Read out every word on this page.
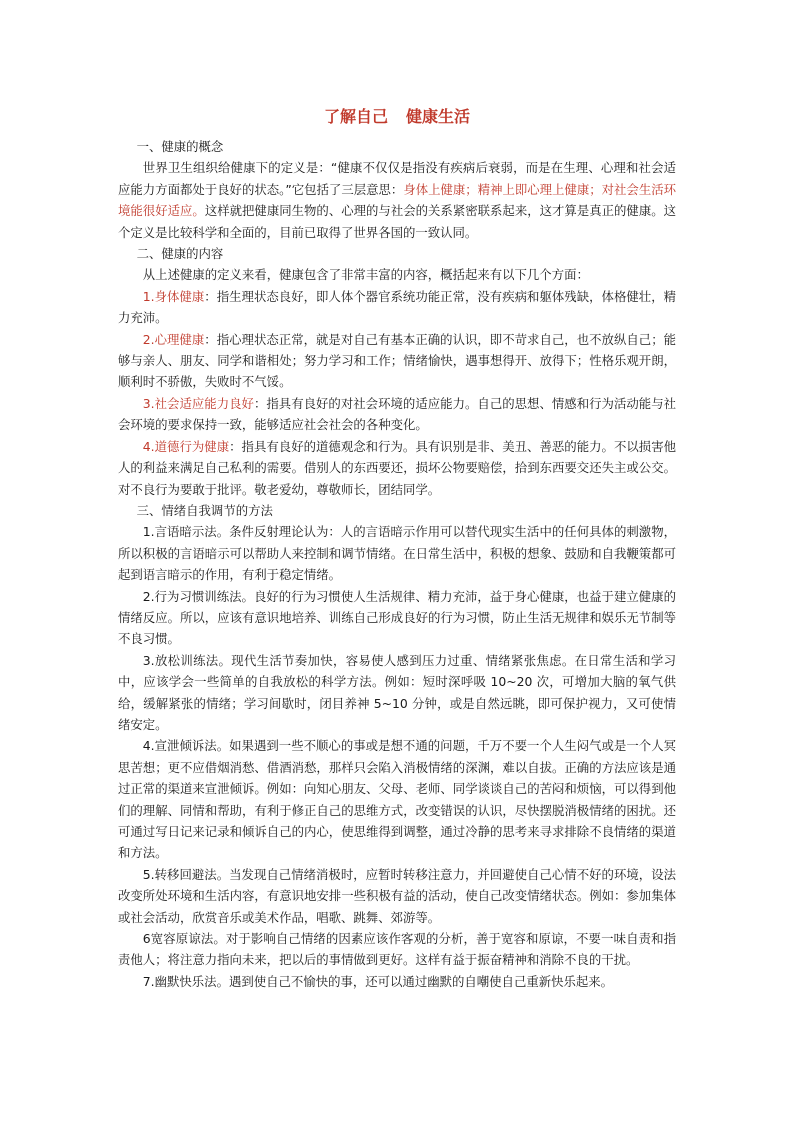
了解自己 健康生活

一、健康的概念

世界卫生组织给健康下的定义是：“健康不仅仅是指没有疾病后衰弱，而是在生理、心理和社会适应能力方面都处于良好的状态。”它包括了三层意思：身体上健康；精神上即心理上健康；对社会生活环境能很好适应。这样就把健康同生物的、心理的与社会的关系紧密联系起来，这才算是真正的健康。这个定义是比较科学和全面的，目前已取得了世界各国的一致认同。

二、健康的内容

从上述健康的定义来看，健康包含了非常丰富的内容，概括起来有以下几个方面：

1.身体健康：指生理状态良好，即人体个器官系统功能正常，没有疾病和躯体残缺，体格健壮，精力充沛。

2.心理健康：指心理状态正常，就是对自己有基本正确的认识，即不苛求自己，也不放纵自己；能够与亲人、朋友、同学和谐相处；努力学习和工作；情绪愉快，遇事想得开、放得下；性格乐观开朗，顺利时不骄傲，失败时不气馁。

3.社会适应能力良好：指具有良好的对社会环境的适应能力。自己的思想、情感和行为活动能与社会环境的要求保持一致，能够适应社会社会的各种变化。

4.道德行为健康：指具有良好的道德观念和行为。具有识别是非、美丑、善恶的能力。不以损害他人的利益来满足自己私利的需要。借别人的东西要还，损坏公物要赔偿，拾到东西要交还失主或公交。对不良行为要敢于批评。敬老爱幼，尊敬师长，团结同学。

三、情绪自我调节的方法

1.言语暗示法。条件反射理论认为：人的言语暗示作用可以替代现实生活中的任何具体的刺激物，所以积极的言语暗示可以帮助人来控制和调节情绪。在日常生活中，积极的想象、鼓励和自我鞭策都可起到语言暗示的作用，有利于稳定情绪。

2.行为习惯训练法。良好的行为习惯使人生活规律、精力充沛，益于身心健康，也益于建立健康的情绪反应。所以，应该有意识地培养、训练自己形成良好的行为习惯，防止生活无规律和娱乐无节制等不良习惯。

3.放松训练法。现代生活节奏加快，容易使人感到压力过重、情绪紧张焦虑。在日常生活和学习中，应该学会一些简单的自我放松的科学方法。例如：短时深呼吸 10~20 次，可增加大脑的氧气供给，缓解紧张的情绪；学习间歇时，闭目养神 5~10 分钟，或是自然远眺，即可保护视力，又可使情绪安定。

4.宣泄倾诉法。如果遇到一些不顺心的事或是想不通的问题，千万不要一个人生闷气或是一个人冥思苦想；更不应借烟消愁、借酒消愁，那样只会陷入消极情绪的深渊，难以自拔。正确的方法应该是通过正常的渠道来宣泄倾诉。例如：向知心朋友、父母、老师、同学谈谈自己的苦闷和烦恼，可以得到他们的理解、同情和帮助，有利于修正自己的思维方式，改变错误的认识，尽快摆脱消极情绪的困扰。还可通过写日记来记录和倾诉自己的内心，使思维得到调整，通过冷静的思考来寻求排除不良情绪的渠道和方法。

5.转移回避法。当发现自己情绪消极时，应暂时转移注意力，并回避使自己心情不好的环境，设法改变所处环境和生活内容，有意识地安排一些积极有益的活动，使自己改变情绪状态。例如：参加集体或社会活动，欣赏音乐或美术作品，唱歌、跳舞、郊游等。

6宽容原谅法。对于影响自己情绪的因素应该作客观的分析，善于宽容和原谅，不要一味自责和指责他人；将注意力指向未来，把以后的事情做到更好。这样有益于振奋精神和消除不良的干扰。

7.幽默快乐法。遇到使自己不愉快的事，还可以通过幽默的自嘲使自己重新快乐起来。
